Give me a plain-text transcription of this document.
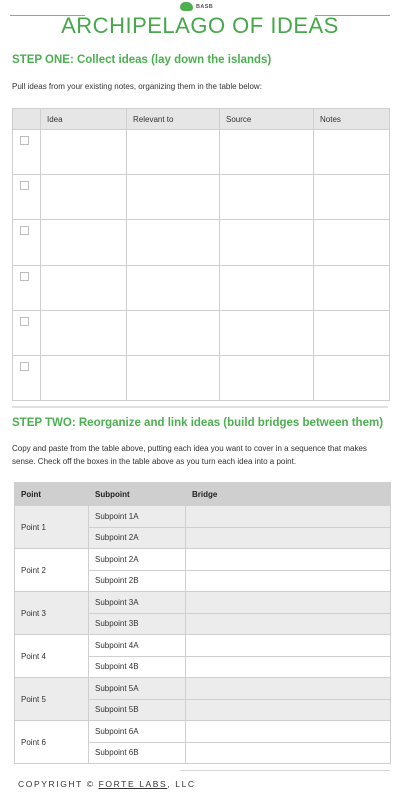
BASB
ARCHIPELAGO OF IDEAS
STEP ONE: Collect ideas (lay down the islands)
Pull ideas from your existing notes, organizing them in the table below:
	Idea	Relevant to	Source	Notes

STEP TWO: Reorganize and link ideas (build bridges between them)
Copy and paste from the table above, putting each idea you want to cover in a sequence that makes sense. Check off the boxes in the table above as you turn each idea into a point.
Point	Subpoint	Bridge
Point 1	Subpoint 1A	
	Subpoint 2A	
Point 2	Subpoint 2A	
	Subpoint 2B	
Point 3	Subpoint 3A	
	Subpoint 3B	
Point 4	Subpoint 4A	
	Subpoint 4B	
Point 5	Subpoint 5A	
	Subpoint 5B	
Point 6	Subpoint 6A	
	Subpoint 6B	
COPYRIGHT © FORTE LABS, LLC
